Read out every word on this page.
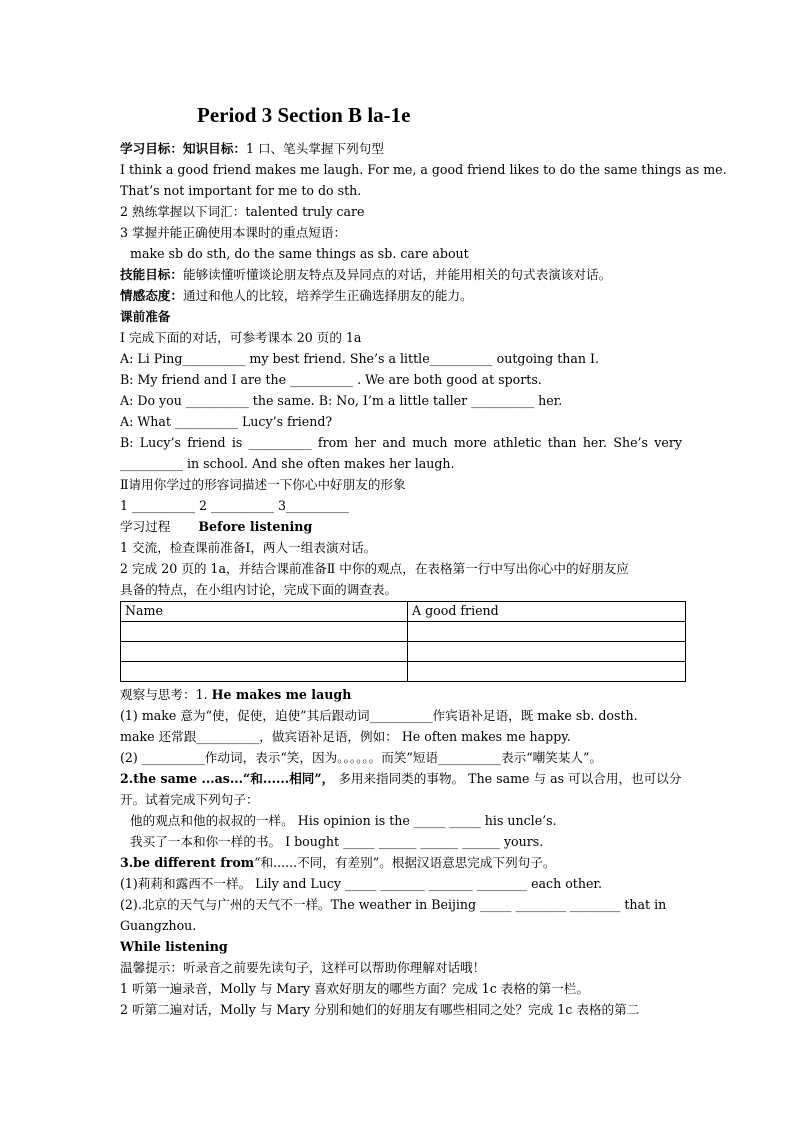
Period 3 Section B la-1e
学习目标：知识目标：1 口、笔头掌握下列句型
I think a good friend makes me laugh. For me, a good friend likes to do the same things as me.
That’s not important for me to do sth.
2 熟练掌握以下词汇：talented truly care
3 掌握并能正确使用本课时的重点短语：
make sb do sth, do the same things as sb. care about
技能目标：能够读懂听懂谈论朋友特点及异同点的对话，并能用相关的句式表演该对话。
情感态度：通过和他人的比较，培养学生正确选择朋友的能力。
课前准备
Ⅰ 完成下面的对话，可参考课本 20 页的 1a
A: Li Ping__________ my best friend. She’s a little__________ outgoing than I.
B: My friend and I are the __________ . We are both good at sports.
A: Do you __________ the same. B: No, I’m a little taller __________ her.
A: What __________ Lucy’s friend?
B: Lucy’s friend is __________ from her and much more athletic than her. She’s very
__________ in school. And she often makes her laugh.
Ⅱ请用你学过的形容词描述一下你心中好朋友的形象
1 __________ 2 __________ 3__________
学习过程 Before listening
1 交流，检查课前准备Ⅰ，两人一组表演对话。
2 完成 20 页的 1a，并结合课前准备Ⅱ 中你的观点，在表格第一行中写出你心中的好朋友应
具备的特点，在小组内讨论，完成下面的调查表。
Name	A good friend

观察与思考：1. He makes me laugh
(1) make 意为“使，促使，迫使”其后跟动词__________作宾语补足语，既 make sb. dosth.
make 还常跟__________，做宾语补足语，例如： He often makes me happy.
(2) __________作动词，表示“笑，因为。。。。。。而笑”短语__________表示“嘲笑某人”。
2.the same ...as...“和......相同”， 多用来指同类的事物。 The same 与 as 可以合用，也可以分
开。试着完成下列句子：
他的观点和他的叔叔的一样。 His opinion is the _____ _____ his uncle’s.
我买了一本和你一样的书。 I bought _____ ______ ______ ______ yours.
3.be different from“和......不同，有差别”。根据汉语意思完成下列句子。
(1)莉莉和露西不一样。 Lily and Lucy _____ _______ _______ ________ each other.
(2).北京的天气与广州的天气不一样。The weather in Beijing _____ ________ ________ that in
Guangzhou.
While listening
温馨提示：听录音之前要先读句子，这样可以帮助你理解对话哦！
1 听第一遍录音，Molly 与 Mary 喜欢好朋友的哪些方面？完成 1c 表格的第一栏。
2 听第二遍对话，Molly 与 Mary 分别和她们的好朋友有哪些相同之处？完成 1c 表格的第二
